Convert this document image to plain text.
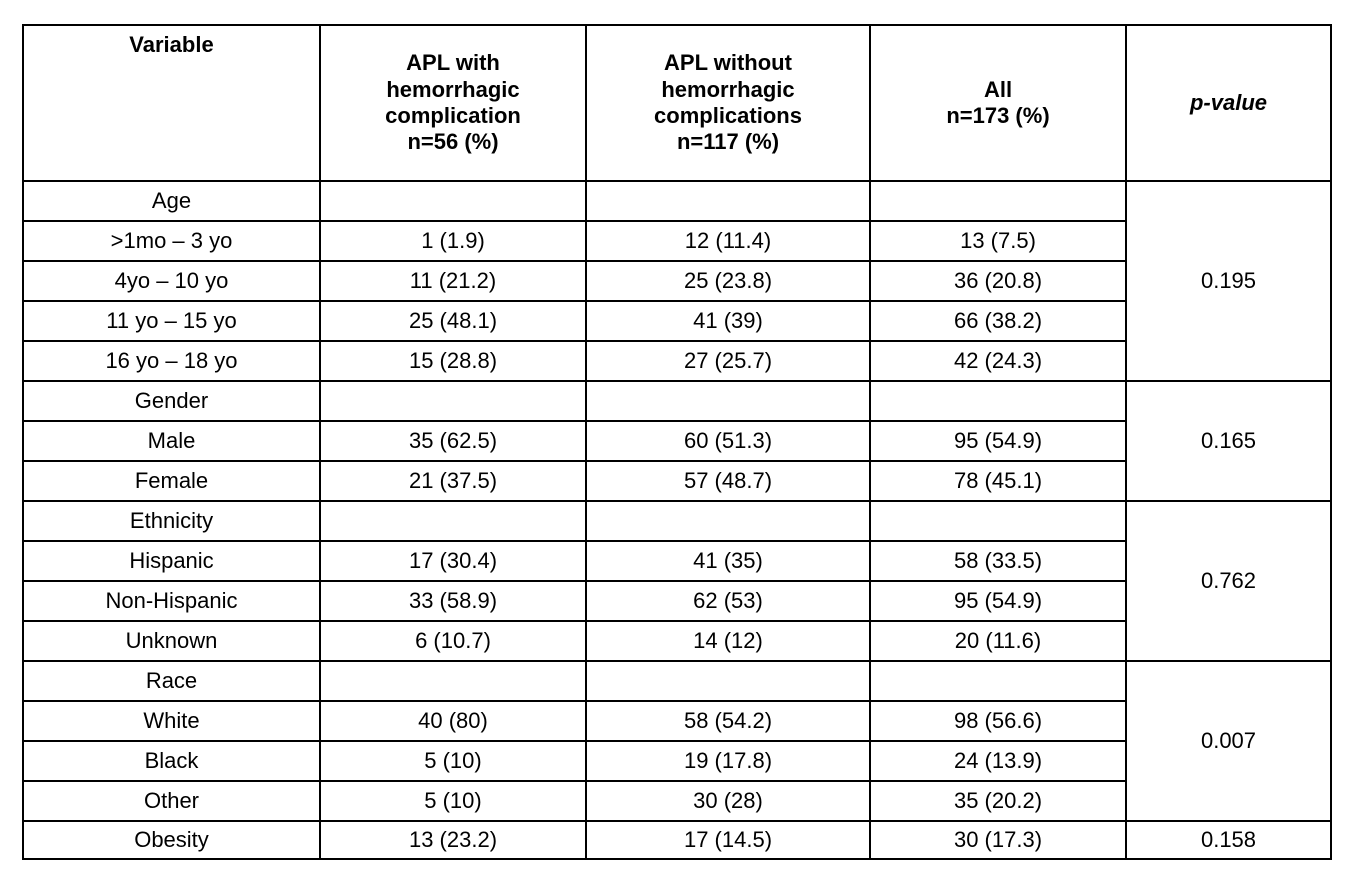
Variable	APL with
hemorrhagic
complication
n=56 (%)	APL without
hemorrhagic
complications
n=117 (%)	All
n=173 (%)	p-value
Age				0.195
>1mo – 3 yo	1 (1.9)	12 (11.4)	13 (7.5)	
4yo – 10 yo	11 (21.2)	25 (23.8)	36 (20.8)	
11 yo – 15 yo	25 (48.1)	41 (39)	66 (38.2)	
16 yo – 18 yo	15 (28.8)	27 (25.7)	42 (24.3)	
Gender				0.165
Male	35 (62.5)	60 (51.3)	95 (54.9)	
Female	21 (37.5)	57 (48.7)	78 (45.1)	
Ethnicity				0.762
Hispanic	17 (30.4)	41 (35)	58 (33.5)	
Non-Hispanic	33 (58.9)	62 (53)	95 (54.9)	
Unknown	6 (10.7)	14 (12)	20 (11.6)	
Race				0.007
White	40 (80)	58 (54.2)	98 (56.6)	
Black	5 (10)	19 (17.8)	24 (13.9)	
Other	5 (10)	30 (28)	35 (20.2)	
Obesity	13 (23.2)	17 (14.5)	30 (17.3)	0.158
